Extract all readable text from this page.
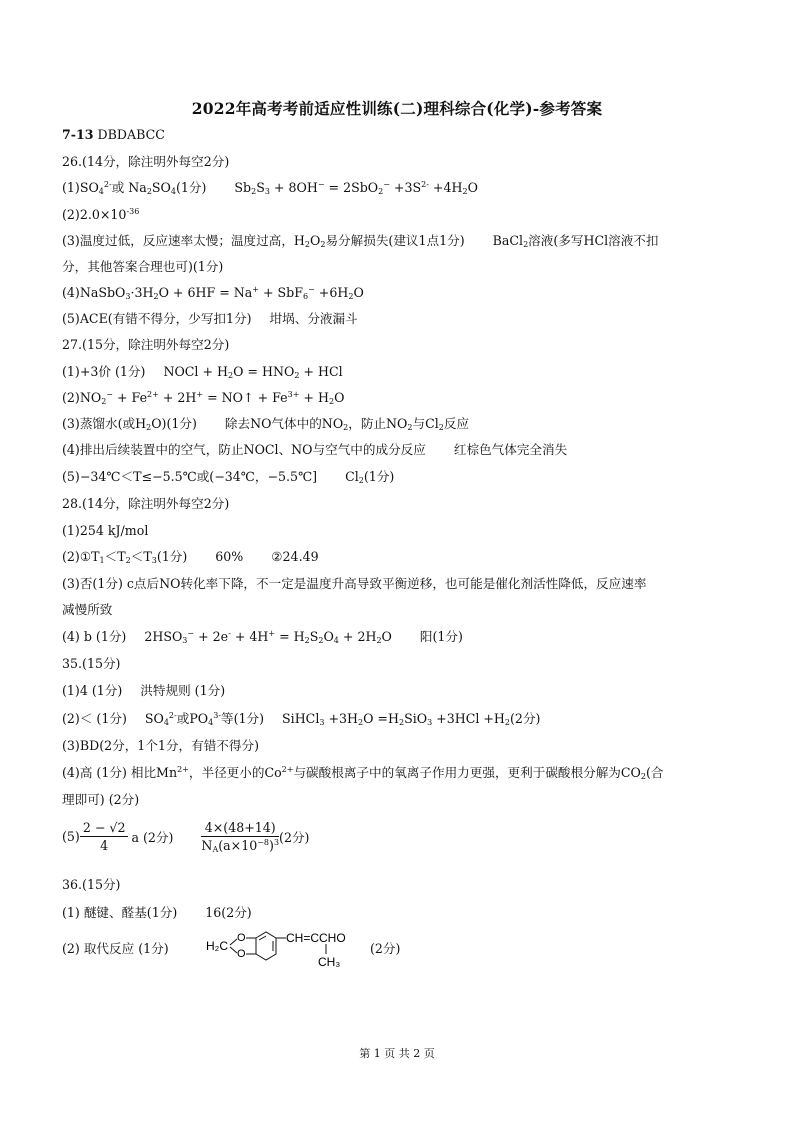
2022年高考考前适应性训练(二)理科综合(化学)-参考答案
7-13 DBDABCC
26.(14分，除注明外每空2分)
$(1)SO_4^{2-}$或 $Na_2SO_4(1$分) $Sb_2S_3 + 8OH^- = 2SbO_2^- +3S^{2-} +4H_2O$
$(2)2.0\times 10^{-36}$
(3)温度过低，反应速率太慢；温度过高，$H_2O_2$易分解损失(建议1点1分) BaCl$_2$溶液(多写HCl溶液不扣
分，其他答案合理也可)(1分)
$(4)NaSbO_3\cdot 3H_2O + 6HF = Na^+ + SbF_6^- +6H_2O$
(5)ACE(有错不得分，少写扣1分) 坩埚、分液漏斗
27.(15分，除注明外每空2分)
(1)+3价 (1分) NOCl + $H_2O = HNO_2$ + HCl
$(2)NO_2^- + Fe^{2+} + 2H^+$ = NO↑ + $Fe^{3+} + H_2O$
(3)蒸馏水(或$H_2O)(1$分) 除去NO气体中的$NO_2$，防止$NO_2$与$Cl_2$反应
(4)排出后续装置中的空气，防止NOCl、NO与空气中的成分反应 红棕色气体完全消失
(5)−34℃＜T≤−5.5℃或(−34℃，−5.5℃] $Cl_2(1$分)
28.(14分，除注明外每空2分)
(1)254 kJ/mol
$(2)①T_1<T_2<T_3(1$分) 60% ②24.49
(3)否(1分) c点后NO转化率下降，不一定是温度升高导致平衡逆移，也可能是催化剂活性降低，反应速率
减慢所致
(4) b (1分) $2HSO_3^- + 2e^- + 4H^+ = H_2S_2O_4 + 2H_2O$ 阳(1分)
35.(15分)
(1)4 (1分) 洪特规则 (1分)
(2)＜ (1分) $SO_4^{2-}$或$PO_4^{3-}$等(1分) SiHCl$_3$ $+3H_2O =H_2SiO_3 +3HCl +H_2(2$分)
(3)BD(2分，1个1分，有错不得分)
(4)高 (1分) 相比$Mn^{2+}$，半径更小的$Co^{2+}$与碳酸根离子中的氧离子作用力更强，更利于碳酸根分解为$CO_2$(合
理即可) (2分)
$(5) \frac{2 - √2}{4}$ a (2分) $\frac{4\times(48+14)}{N_A(a\times 10^{-8})^3} (2$分)
36.(15分)
(1) 醚键、醛基(1分) 16(2分)
(2) 取代反应 (1分)	H₂C
O
O
CH=CCHO
CH₃
(2分)
第 1 页 共 2 页
